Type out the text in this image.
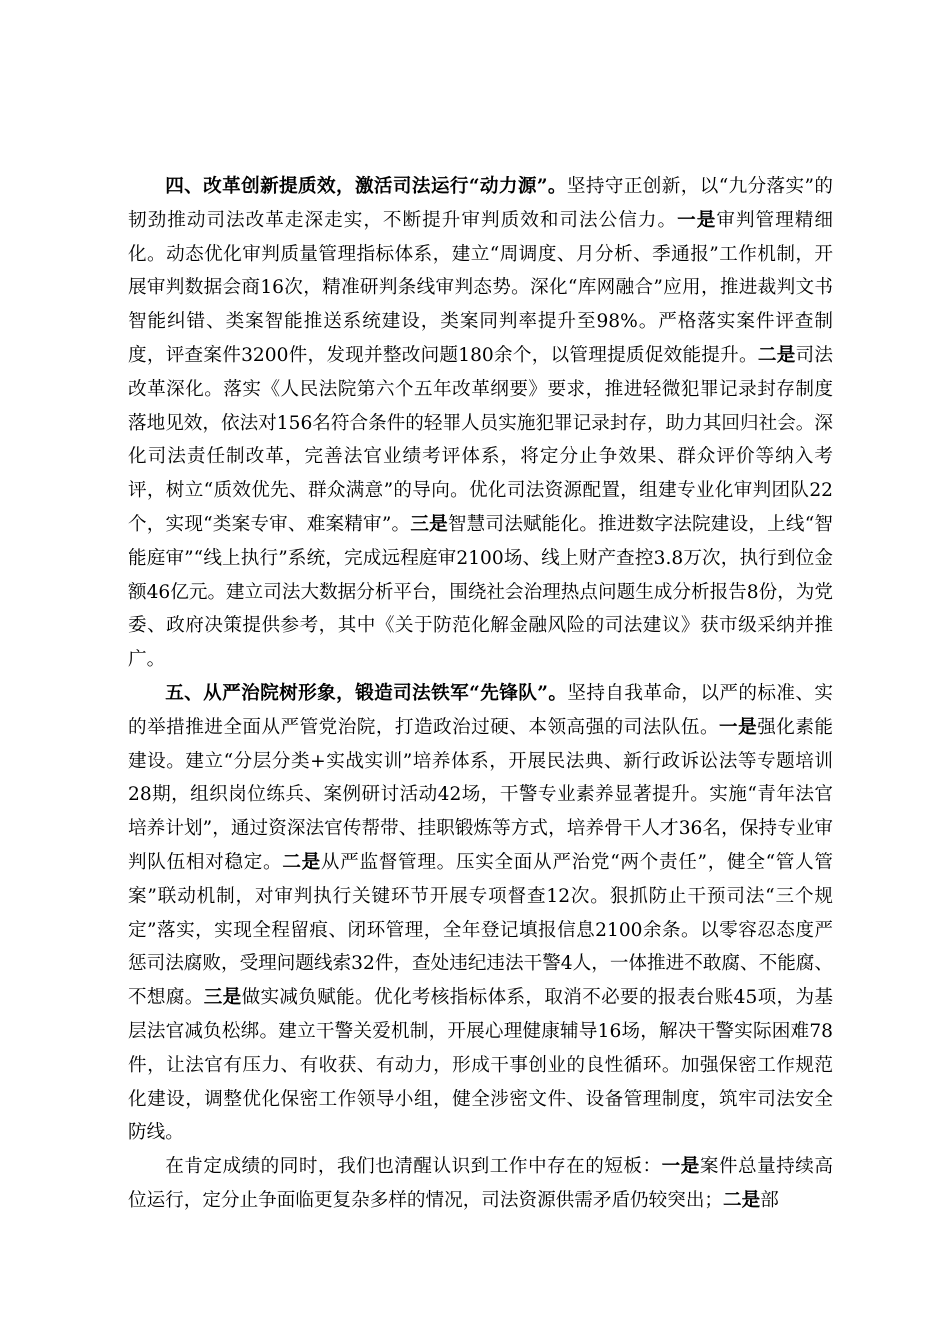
四、改革创新提质效，激活司法运行“动力源”。坚持守正创新，以“九分落实”的韧劲推动司法改革走深走实，不断提升审判质效和司法公信力。一是审判管理精细化。动态优化审判质量管理指标体系，建立“周调度、月分析、季通报”工作机制，开展审判数据会商16次，精准研判条线审判态势。深化“库网融合”应用，推进裁判文书智能纠错、类案智能推送系统建设，类案同判率提升至98%。严格落实案件评查制度，评查案件3200件，发现并整改问题180余个，以管理提质促效能提升。二是司法改革深化。落实《人民法院第六个五年改革纲要》要求，推进轻微犯罪记录封存制度落地见效，依法对156名符合条件的轻罪人员实施犯罪记录封存，助力其回归社会。深化司法责任制改革，完善法官业绩考评体系，将定分止争效果、群众评价等纳入考评，树立“质效优先、群众满意”的导向。优化司法资源配置，组建专业化审判团队22个，实现“类案专审、难案精审”。三是智慧司法赋能化。推进数字法院建设，上线“智能庭审”“线上执行”系统，完成远程庭审2100场、线上财产查控3.8万次，执行到位金额46亿元。建立司法大数据分析平台，围绕社会治理热点问题生成分析报告8份，为党委、政府决策提供参考，其中《关于防范化解金融风险的司法建议》获市级采纳并推广。

五、从严治院树形象，锻造司法铁军“先锋队”。坚持自我革命，以严的标准、实的举措推进全面从严管党治院，打造政治过硬、本领高强的司法队伍。一是强化素能建设。建立“分层分类+实战实训”培养体系，开展民法典、新行政诉讼法等专题培训28期，组织岗位练兵、案例研讨活动42场，干警专业素养显著提升。实施“青年法官培养计划”，通过资深法官传帮带、挂职锻炼等方式，培养骨干人才36名，保持专业审判队伍相对稳定。二是从严监督管理。压实全面从严治党“两个责任”，健全“管人管案”联动机制，对审判执行关键环节开展专项督查12次。狠抓防止干预司法“三个规定”落实，实现全程留痕、闭环管理，全年登记填报信息2100余条。以零容忍态度严惩司法腐败，受理问题线索32件，查处违纪违法干警4人，一体推进不敢腐、不能腐、不想腐。三是做实减负赋能。优化考核指标体系，取消不必要的报表台账45项，为基层法官减负松绑。建立干警关爱机制，开展心理健康辅导16场，解决干警实际困难78件，让法官有压力、有收获、有动力，形成干事创业的良性循环。加强保密工作规范化建设，调整优化保密工作领导小组，健全涉密文件、设备管理制度，筑牢司法安全防线。

在肯定成绩的同时，我们也清醒认识到工作中存在的短板：一是案件总量持续高位运行，定分止争面临更复杂多样的情况，司法资源供需矛盾仍较突出；二是部
